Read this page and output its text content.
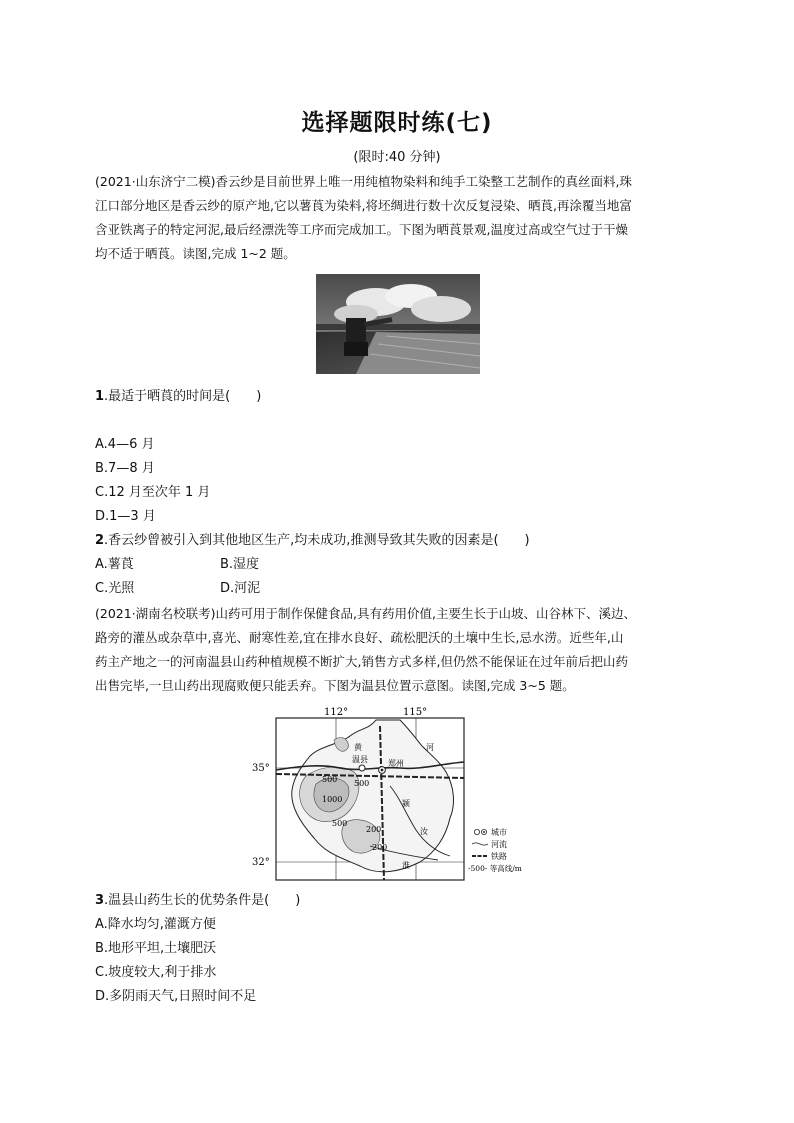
选择题限时练(七)
(限时:40 分钟)
(2021·山东济宁二模)香云纱是目前世界上唯一用纯植物染料和纯手工染整工艺制作的真丝面料,珠
江口部分地区是香云纱的原产地,它以薯莨为染料,将坯绸进行数十次反复浸染、晒莨,再涂覆当地富
含亚铁离子的特定河泥,最后经漂洗等工序而完成加工。下图为晒莨景观,温度过高或空气过于干燥
均不适于晒莨。读图,完成 1~2 题。
1.最适于晒莨的时间是(　　)
A.4—6 月
B.7—8 月
C.12 月至次年 1 月
D.1—3 月
2.香云纱曾被引入到其他地区生产,均未成功,推测导致其失败的因素是(　　)
A.薯莨	B.湿度
C.光照	D.河泥
(2021·湖南名校联考)山药可用于制作保健食品,具有药用价值,主要生长于山坡、山谷林下、溪边、
路旁的灌丛或杂草中,喜光、耐寒性差,宜在排水良好、疏松肥沃的土壤中生长,忌水涝。近些年,山
药主产地之一的河南温县山药种植规模不断扩大,销售方式多样,但仍然不能保证在过年前后把山药
出售完毕,一旦山药出现腐败便只能丢弃。下图为温县位置示意图。读图,完成 3~5 题。
112°	115°
35°
32°
温县	郑州
黄	河
颍
淮
汝
500 500
1000
500
200
200
城市
河流
铁路
-500- 等高线/m
3.温县山药生长的优势条件是(　　)
A.降水均匀,灌溉方便
B.地形平坦,土壤肥沃
C.坡度较大,利于排水
D.多阴雨天气,日照时间不足
